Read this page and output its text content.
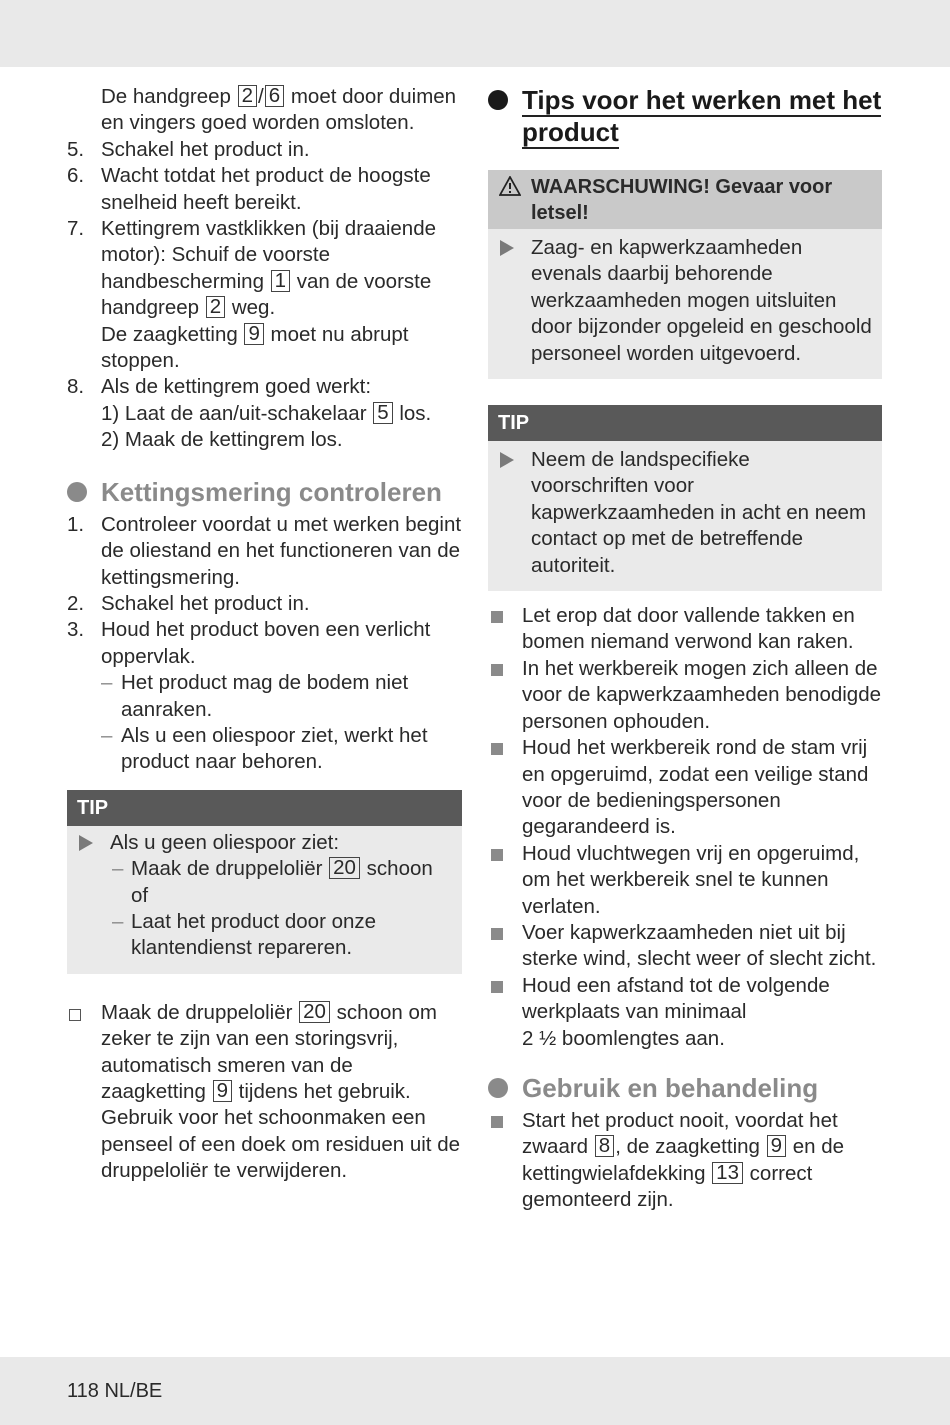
De handgreep 2 / 6 moet door duimen en vingers goed worden omsloten.
5. Schakel het product in.
6. Wacht totdat het product de hoogste snelheid heeft bereikt.
7. Kettingrem vastklikken (bij draaiende motor): Schuif de voorste handbescherming 1 van de voorste handgreep 2 weg.
De zaagketting 9 moet nu abrupt stoppen.
8. Als de kettingrem goed werkt:
1) Laat de aan/uit-schakelaar 5 los.
2) Maak de kettingrem los.
Kettingsmering controleren
1. Controleer voordat u met werken begint de oliestand en het functioneren van de kettingsmering.
2. Schakel het product in.
3. Houd het product boven een verlicht oppervlak.
– Het product mag de bodem niet aanraken.
– Als u een oliespoor ziet, werkt het product naar behoren.
TIP
Als u geen oliespoor ziet:
– Maak de druppeloliër 20 schoon of
– Laat het product door onze klantendienst repareren.
Maak de druppeloliër 20 schoon om zeker te zijn van een storingsvrij, automatisch smeren van de zaagketting 9 tijdens het gebruik. Gebruik voor het schoonmaken een penseel of een doek om residuen uit de druppeloliër te verwijderen.
Tips voor het werken met het product
WAARSCHUWING! Gevaar voor letsel!
Zaag- en kapwerkzaamheden evenals daarbij behorende werkzaamheden mogen uitsluiten door bijzonder opgeleid en geschoold personeel worden uitgevoerd.
TIP
Neem de landspecifieke voorschriften voor kapwerkzaamheden in acht en neem contact op met de betreffende autoriteit.
Let erop dat door vallende takken en bomen niemand verwond kan raken.
In het werkbereik mogen zich alleen de voor de kapwerkzaamheden benodigde personen ophouden.
Houd het werkbereik rond de stam vrij en opgeruimd, zodat een veilige stand voor de bedieningspersonen gegarandeerd is.
Houd vluchtwegen vrij en opgeruimd, om het werkbereik snel te kunnen verlaten.
Voer kapwerkzaamheden niet uit bij sterke wind, slecht weer of slecht zicht.
Houd een afstand tot de volgende werkplaats van minimaal
2 ½ boomlengtes aan.
Gebruik en behandeling
Start het product nooit, voordat het zwaard 8 , de zaagketting 9 en de kettingwielafdekking 13 correct gemonteerd zijn.
118 NL/BE
